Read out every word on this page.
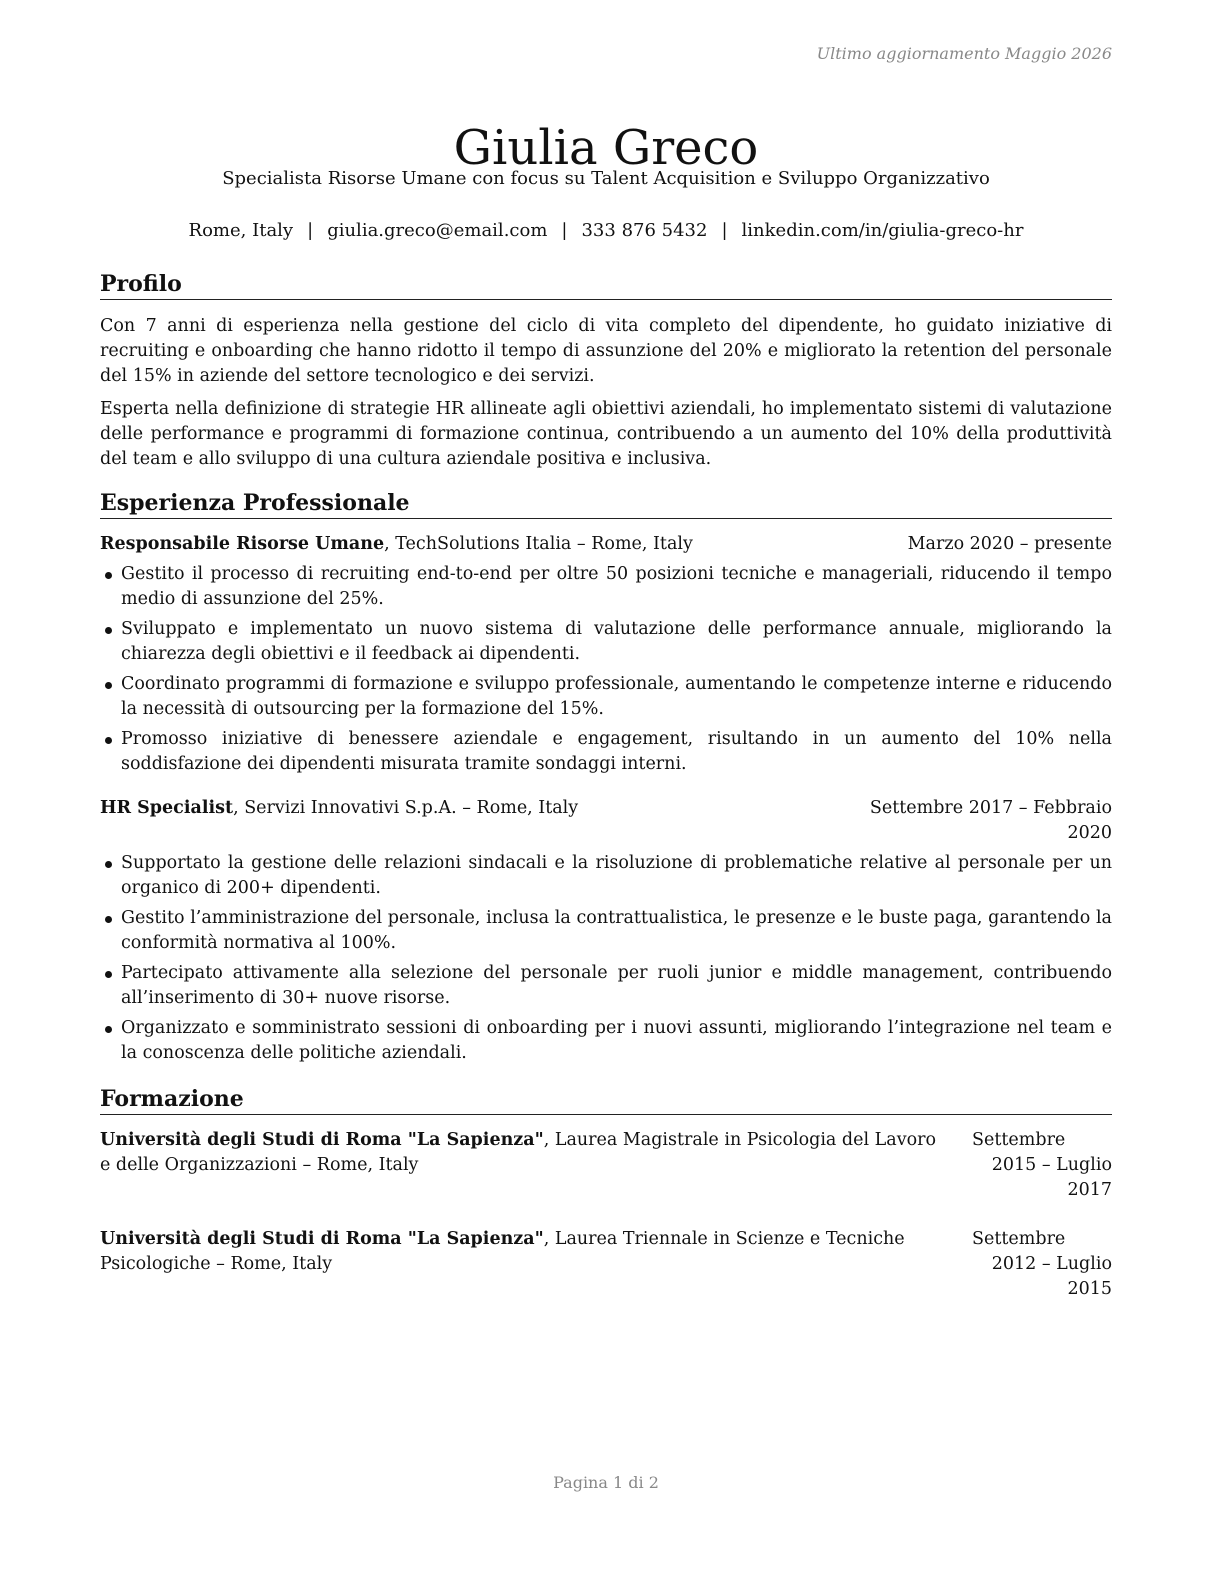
Ultimo aggiornamento Maggio 2026
Giulia Greco
Specialista Risorse Umane con focus su Talent Acquisition e Sviluppo Organizzativo
Rome, Italy | giulia.greco@email.com | 333 876 5432 | linkedin.com/in/giulia-greco-hr
Profilo

Con 7 anni di esperienza nella gestione del ciclo di vita completo del dipendente, ho guidato iniziative di recruiting e onboarding che hanno ridotto il tempo di assunzione del 20% e migliorato la retention del personale del 15% in aziende del settore tecnologico e dei servizi.

Esperta nella definizione di strategie HR allineate agli obiettivi aziendali, ho implementato sistemi di valutazione delle performance e programmi di formazione continua, contribuendo a un aumento del 10% della produttività del team e allo sviluppo di una cultura aziendale positiva e inclusiva.

Esperienza Professionale
Responsabile Risorse Umane, TechSolutions Italia – Rome, Italy	Marzo 2020 – presente
Gestito il processo di recruiting end-to-end per oltre 50 posizioni tecniche e manageriali, riducendo il tempo medio di assunzione del 25%.
Sviluppato e implementato un nuovo sistema di valutazione delle performance annuale, migliorando la chiarezza degli obiettivi e il feedback ai dipendenti.
Coordinato programmi di formazione e sviluppo professionale, aumentando le competenze interne e riducendo la necessità di outsourcing per la formazione del 15%.
Promosso iniziative di benessere aziendale e engagement, risultando in un aumento del 10% nella soddisfazione dei dipendenti misurata tramite sondaggi interni.
HR Specialist, Servizi Innovativi S.p.A. – Rome, Italy	Settembre 2017 – Febbraio
2020
Supportato la gestione delle relazioni sindacali e la risoluzione di problematiche relative al personale per un organico di 200+ dipendenti.
Gestito l’amministrazione del personale, inclusa la contrattualistica, le presenze e le buste paga, garantendo la conformità normativa al 100%.
Partecipato attivamente alla selezione del personale per ruoli junior e middle management, contribuendo all’inserimento di 30+ nuove risorse.
Organizzato e somministrato sessioni di onboarding per i nuovi assunti, migliorando l’integrazione nel team e la conoscenza delle politiche aziendali.
Formazione
Università degli Studi di Roma "La Sapienza", Laurea Magistrale in Psicologia del Lavoro
e delle Organizzazioni – Rome, Italy
Settembre 2015 – Luglio
2017
Università degli Studi di Roma "La Sapienza", Laurea Triennale in Scienze e Tecniche
Psicologiche – Rome, Italy
Settembre 2012 – Luglio
2015
Pagina 1 di 2
